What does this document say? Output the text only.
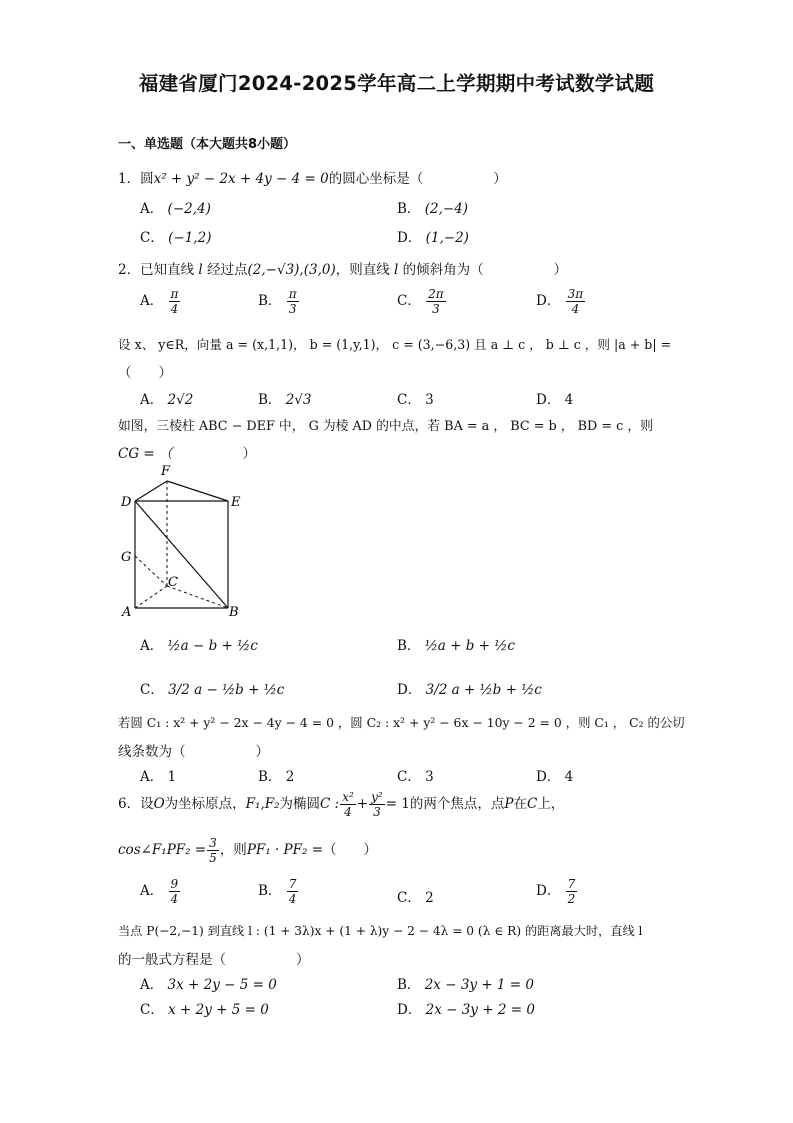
福建省厦门2024-2025学年高二上学期期中考试数学试题
一、单选题（本大题共8小题）
1．圆x² + y² − 2x + 4y − 4 = 0的圆心坐标是（	）
A． (−2,4)	B． (2,−4)
C． (−1,2)	D． (1,−2)
2．已知直线 l 经过点(2,−√3),(3,0)，则直线 l 的倾斜角为（	）
A． $\frac{\pi}{4}$	B． $\frac{\pi}{3}$	C． $\frac{2\pi}{3}$	D． $\frac{3\pi}{4}$
设 x、 y∈R，向量 a = (x,1,1)， b = (1,y,1)， c = (3,−6,3) 且 a ⊥ c ， b ⊥ c ，则 |a + b| =
（　　）
A． 2√2	B． 2√3	C． 3	D． 4
如图，三棱柱 ABC − DEF 中， G 为棱 AD 的中点，若 BA = a ， BC = b ， BD = c ，则
CG = （	）
F
D	E
G
C
A	B
A． ½a − b + ½c	B． ½a + b + ½c
C． 3/2 a − ½b + ½c	D． 3/2 a + ½b + ½c
若圆 C₁ : x² + y² − 2x − 4y − 4 = 0 ，圆 C₂ : x² + y² − 6x − 10y − 2 = 0 ，则 C₁ ， C₂ 的公切
线条数为（	）
A． 1	B． 2	C． 3	D． 4
6．设O为坐标原点，F₁,F₂为椭圆C : $\frac{\text{x²}}{4} + \frac{\text{y²}}{3} = 1$的两个焦点，点P在C上，
cos∠F₁PF₂ = $\frac{3}{5}$ ，则PF₁ · PF₂ =（　　）
A． $\frac{9}{4}$	B． $\frac{7}{4}$	C． 2	D． $\frac{7}{2}$
当点 P(−2,−1) 到直线 l : (1 + 3λ)x + (1 + λ)y − 2 − 4λ = 0 (λ ∈ R) 的距离最大时，直线 l
的一般式方程是（	）
A． 3x + 2y − 5 = 0	B． 2x − 3y + 1 = 0
C． x + 2y + 5 = 0	D． 2x − 3y + 2 = 0
